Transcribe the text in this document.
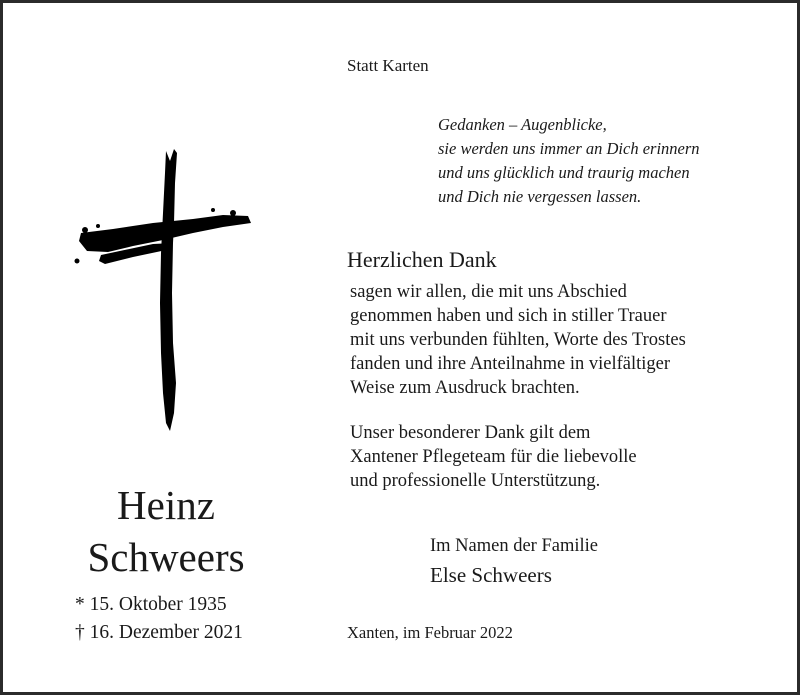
Statt Karten
Gedanken – Augenblicke,
sie werden uns immer an Dich erinnern
und uns glücklich und traurig machen
und Dich nie vergessen lassen.
Herzlichen Dank
sagen wir allen, die mit uns Abschied
genommen haben und sich in stiller Trauer
mit uns verbunden fühlten, Worte des Trostes
fanden und ihre Anteilnahme in vielfältiger
Weise zum Ausdruck brachten.
Unser besonderer Dank gilt dem
Xantener Pflegeteam für die liebevolle
und professionelle Unterstützung.
Im Namen der Familie
Else Schweers
Xanten, im Februar 2022
Heinz
Schweers
* 15. Oktober 1935
† 16. Dezember 2021
